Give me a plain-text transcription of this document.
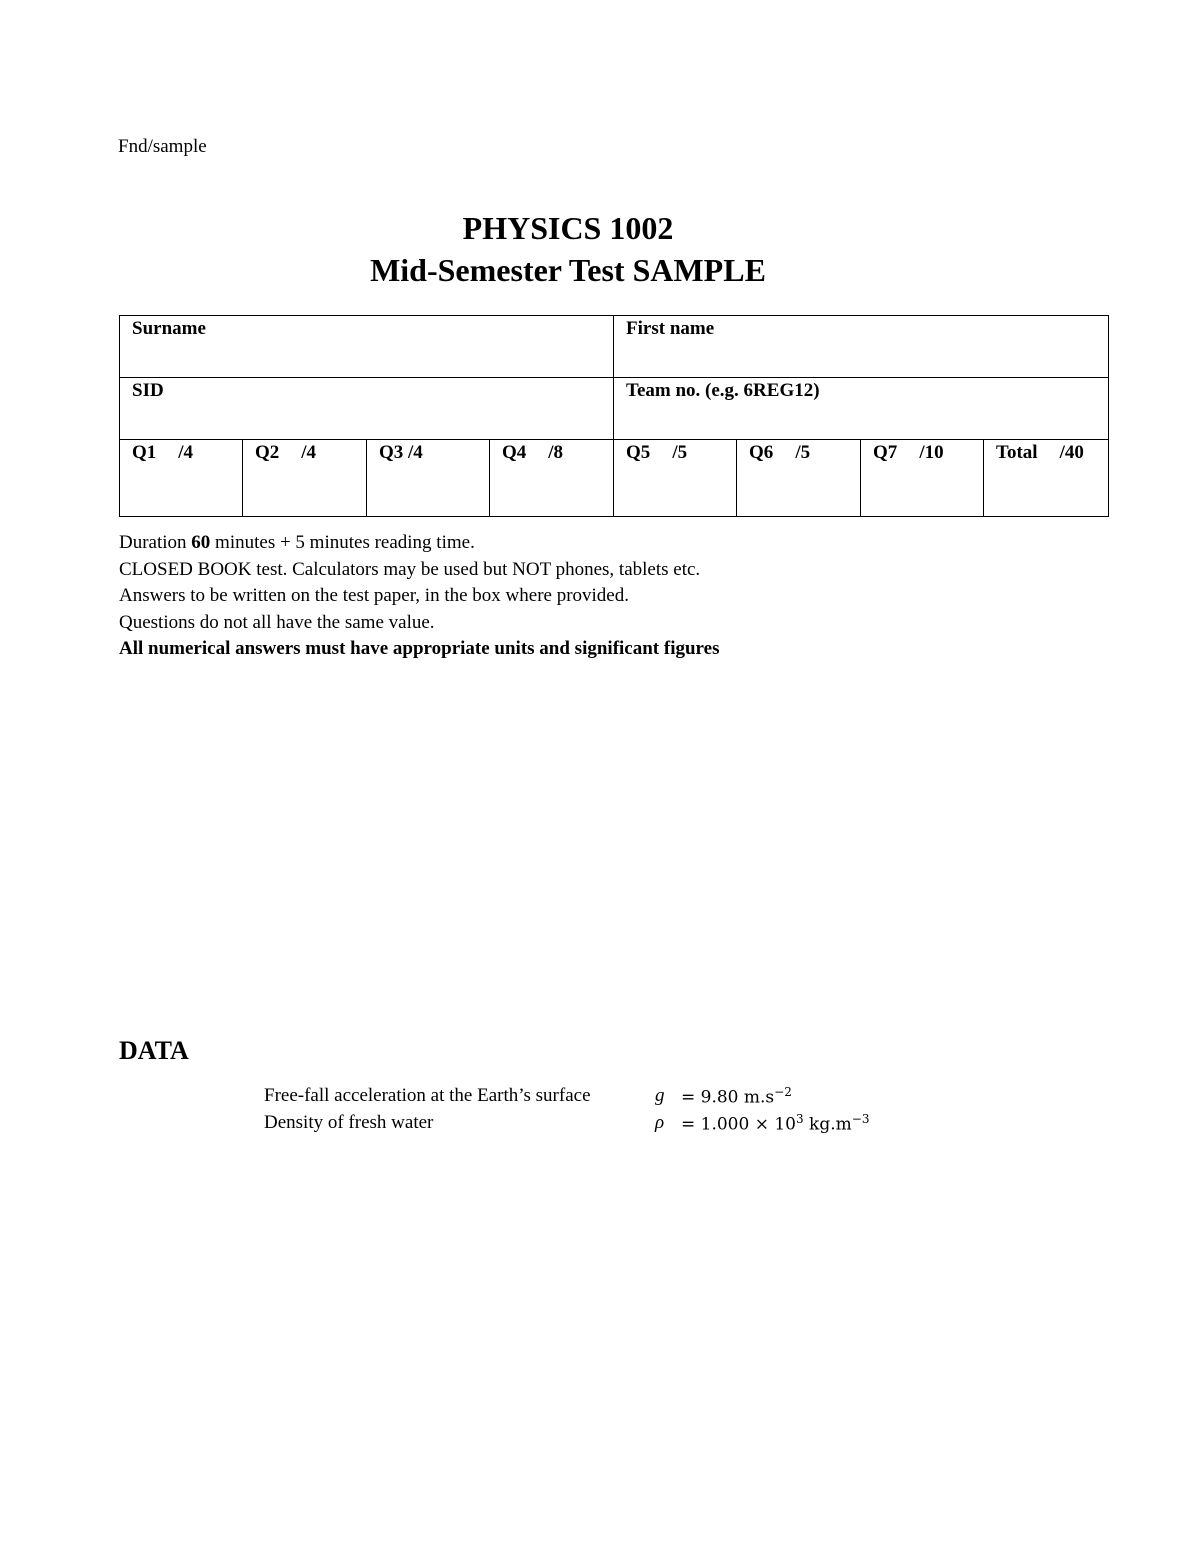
Fnd/sample
PHYSICS 1002
Mid-Semester Test SAMPLE
Surname				First name			
SID				Team no. (e.g. 6REG12)			
Q1 /4	Q2 /4	Q3 /4	Q4 /8	Q5 /5	Q6 /5	Q7 /10	Total /40
Duration 60 minutes + 5 minutes reading time.
CLOSED BOOK test. Calculators may be used but NOT phones, tablets etc.
Answers to be written on the test paper, in the box where provided.
Questions do not all have the same value.
All numerical answers must have appropriate units and significant figures
DATA
Free-fall acceleration at the Earth’s surface	g = 9.80 $m.s^{-2}$
Density of fresh water	$\rho = 1.000 \times 10^3$ $kg.m^{-3}$
